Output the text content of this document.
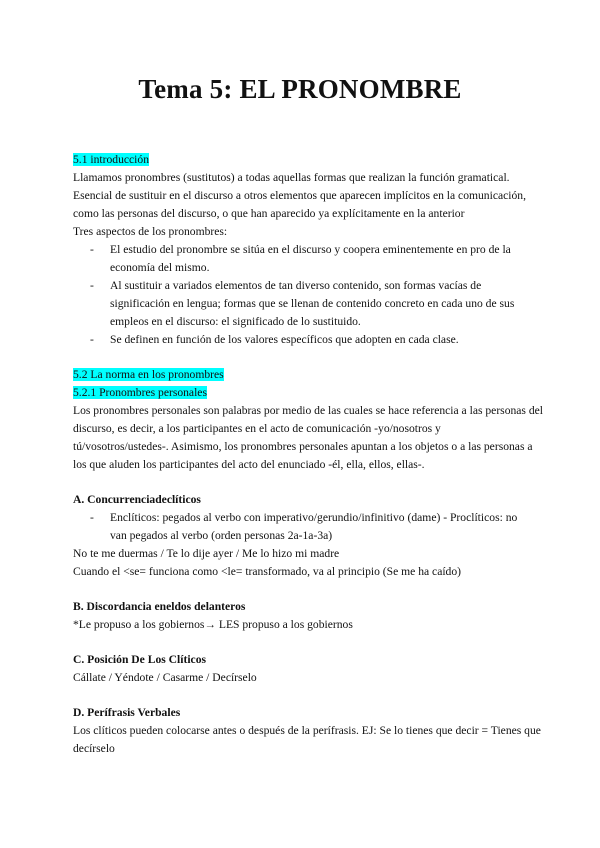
Tema 5: EL PRONOMBRE
5.1 introducción
Llamamos pronombres (sustitutos) a todas aquellas formas que realizan la función gramatical.
Esencial de sustituir en el discurso a otros elementos que aparecen implícitos en la comunicación,
como las personas del discurso, o que han aparecido ya explícitamente en la anterior
Tres aspectos de los pronombres:
- El estudio del pronombre se sitúa en el discurso y coopera eminentemente en pro de la economía del mismo.
- Al sustituir a variados elementos de tan diverso contenido, son formas vacías de significación en lengua; formas que se llenan de contenido concreto en cada uno de sus empleos en el discurso: el significado de lo sustituido.
- Se definen en función de los valores específicos que adopten en cada clase.
5.2 La norma en los pronombres
5.2.1 Pronombres personales
Los pronombres personales son palabras por medio de las cuales se hace referencia a las personas del
discurso, es decir, a los participantes en el acto de comunicación -yo/nosotros y
tú/vosotros/ustedes-. Asimismo, los pronombres personales apuntan a los objetos o a las personas a
los que aluden los participantes del acto del enunciado -él, ella, ellos, ellas-.
A. Concurrenciadeclíticos
- Enclíticos: pegados al verbo con imperativo/gerundio/infinitivo (dame) - Proclíticos: no van pegados al verbo (orden personas 2a-1a-3a)
No te me duermas / Te lo dije ayer / Me lo hizo mi madre
Cuando el <se= funciona como <le= transformado, va al principio (Se me ha caído)
B. Discordancia eneldos delanteros
*Le propuso a los gobiernos→ LES propuso a los gobiernos
C. Posición De Los Clíticos
Cállate / Yéndote / Casarme / Decírselo
D. Perífrasis Verbales
Los clíticos pueden colocarse antes o después de la perífrasis. EJ: Se lo tienes que decir = Tienes que
decírselo
